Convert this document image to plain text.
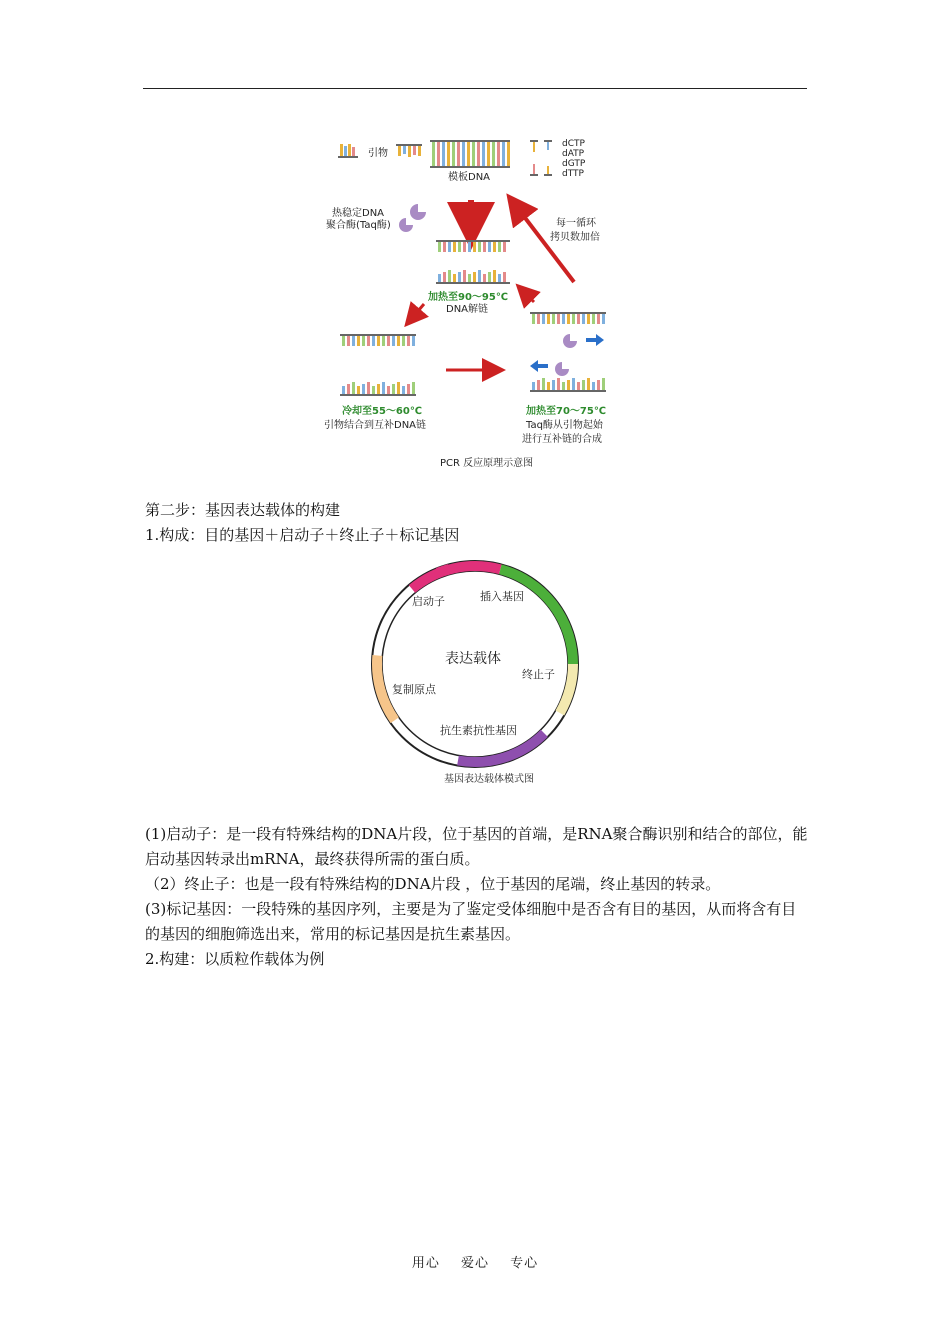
引物
模板DNA
dCTP
dATP
dGTP
dTTP
热稳定DNA
聚合酶(Taq酶)	每一循环
拷贝数加倍
加热至90～95℃
DNA解链
冷却至55～60℃
引物结合到互补DNA链
加热至70～75℃
Taq酶从引物起始
进行互补链的合成
PCR 反应原理示意图
第二步：基因表达载体的构建
1.构成：目的基因＋启动子＋终止子＋标记基因
启动子	插入基因
表达载体
终止子
复制原点
抗生素抗性基因
基因表达载体模式图
(1)启动子：是一段有特殊结构的DNA片段，位于基因的首端，是RNA聚合酶识别和结合的部位，能启动基因转录出mRNA，最终获得所需的蛋白质。
（2）终止子：也是一段有特殊结构的DNA片段 ，位于基因的尾端，终止基因的转录。
(3)标记基因：一段特殊的基因序列，主要是为了鉴定受体细胞中是否含有目的基因，从而将含有目的基因的细胞筛选出来，常用的标记基因是抗生素基因。
2.构建：以质粒作载体为例
用心 爱心 专心
